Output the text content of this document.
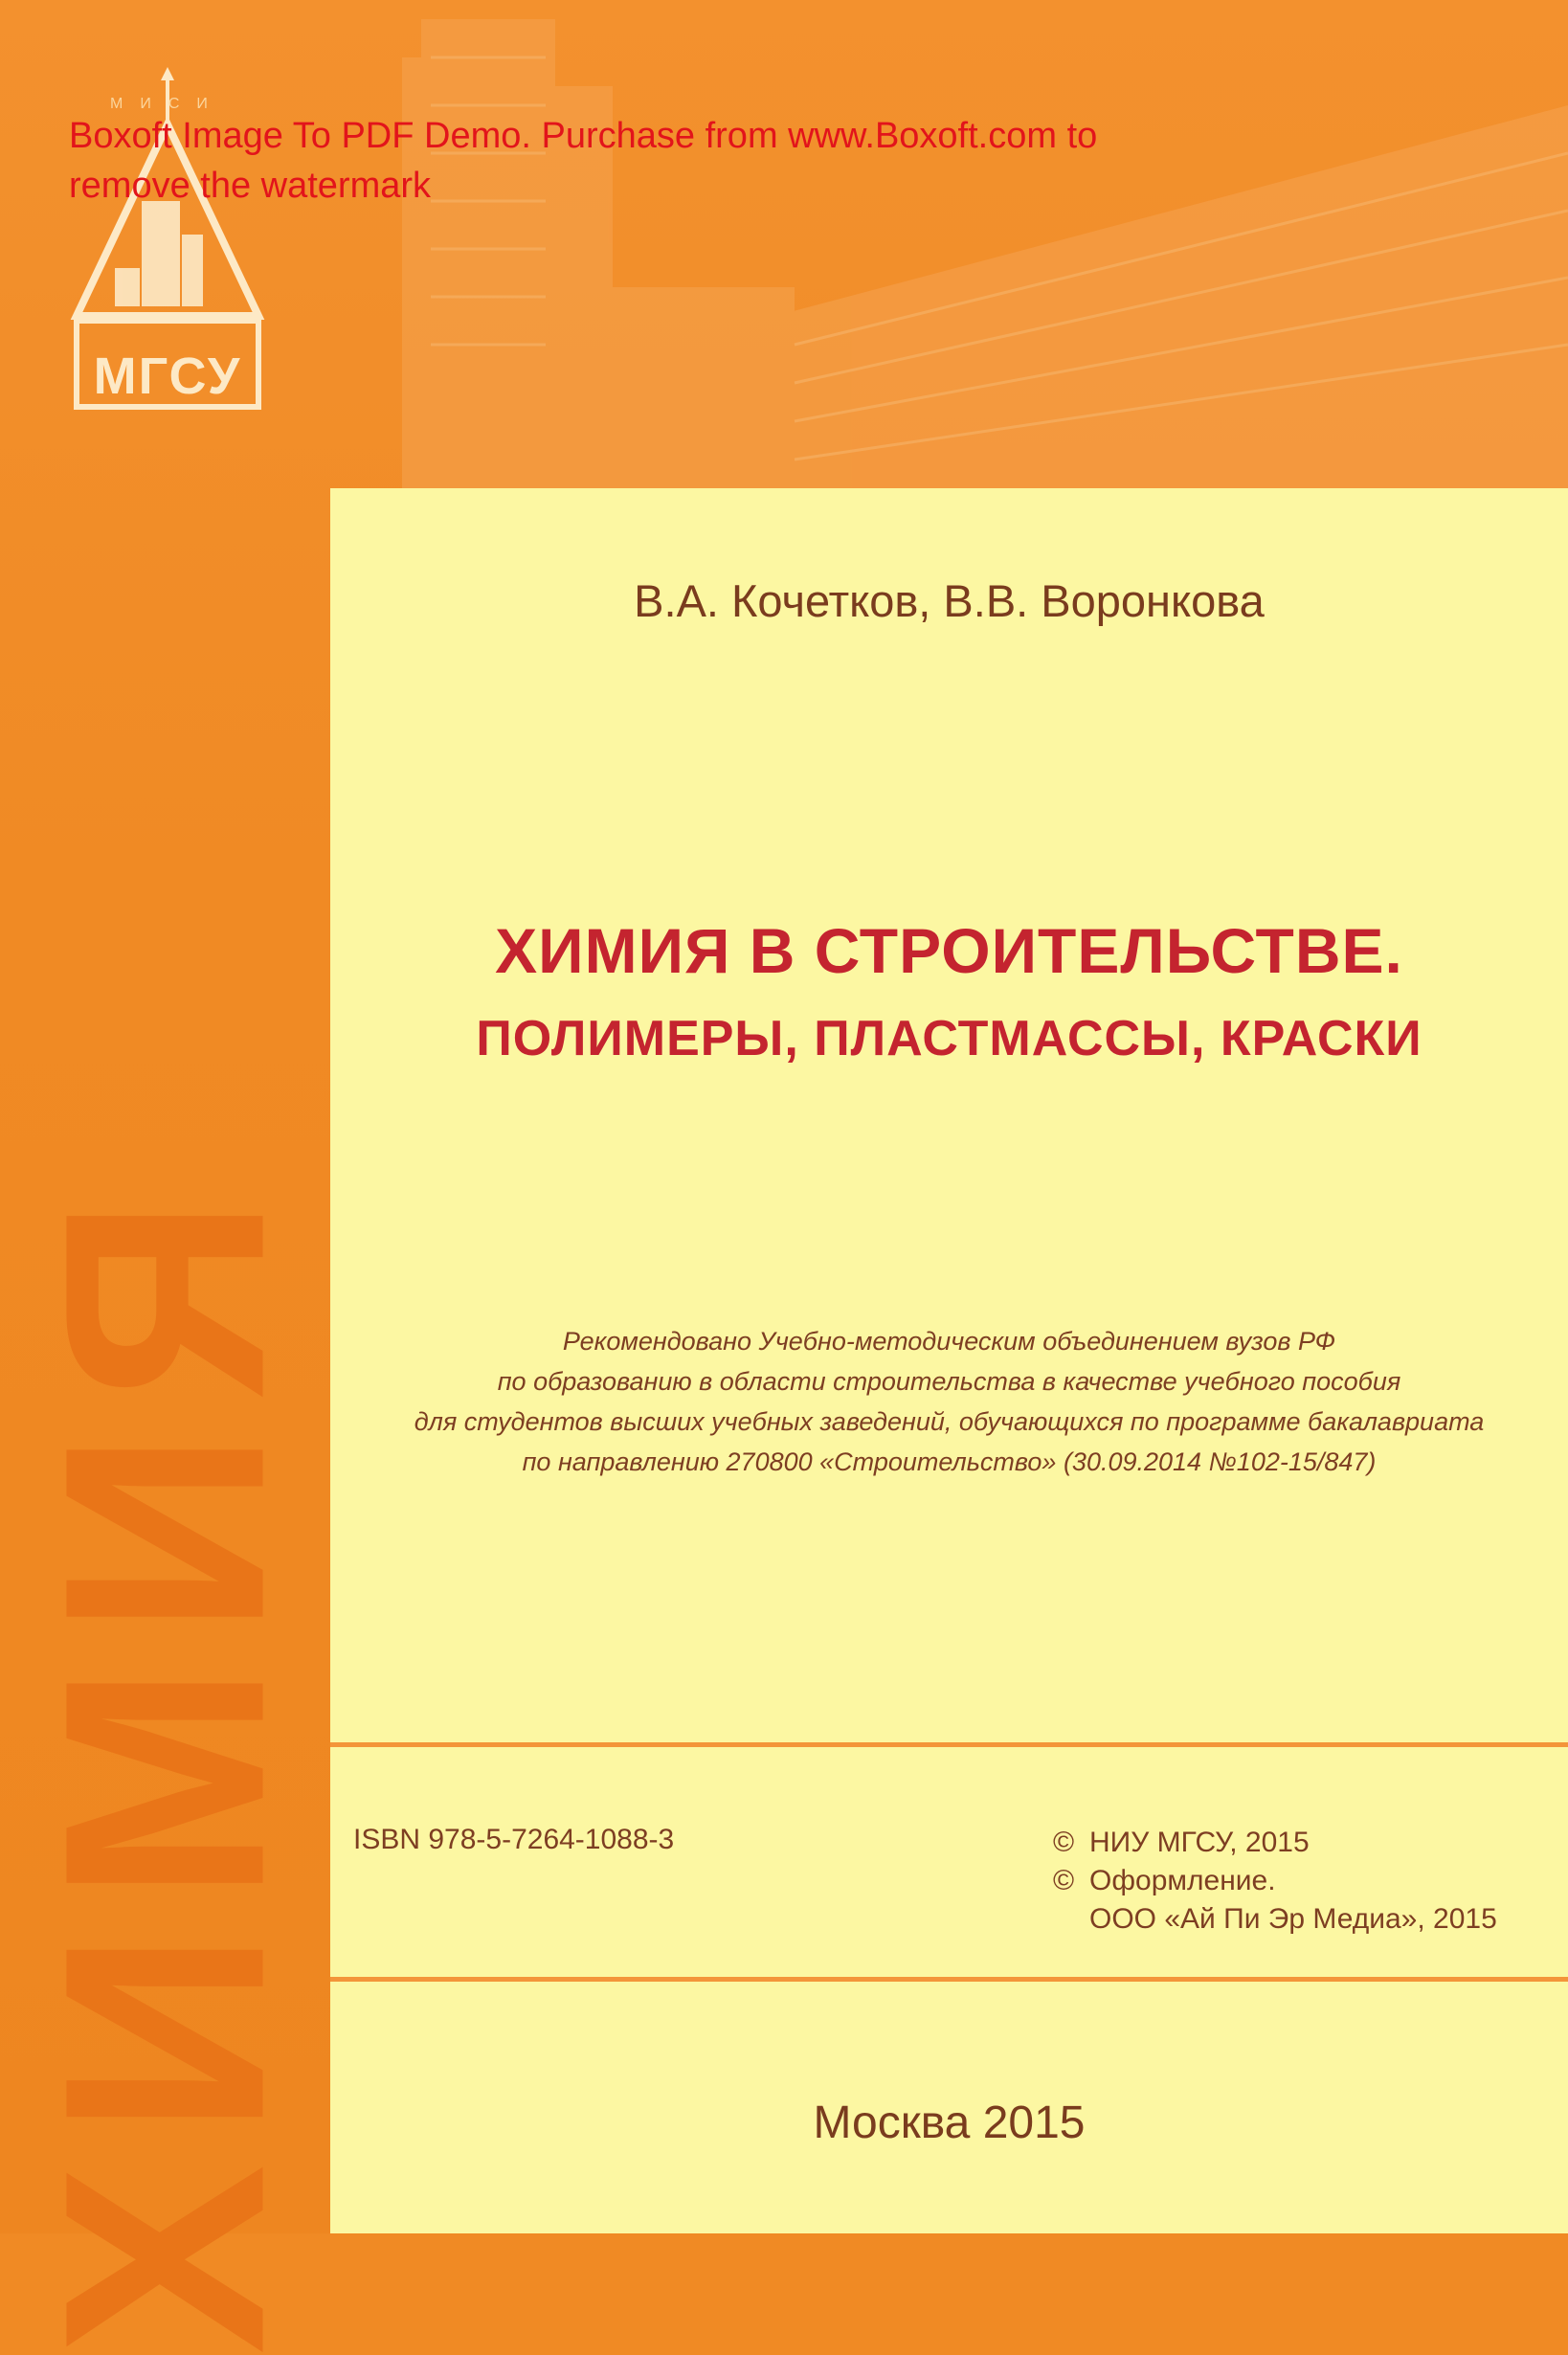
МИСИ
МГСУ
ХИМИЯ
В.А. Кочетков, В.В. Воронкова
ХИМИЯ В СТРОИТЕЛЬСТВЕ.
ПОЛИМЕРЫ, ПЛАСТМАССЫ, КРАСКИ
Рекомендовано Учебно-методическим объединением вузов РФ
по образованию в области строительства в качестве учебного пособия
для студентов высших учебных заведений, обучающихся по программе бакалавриата
по направлению 270800 «Строительство» (30.09.2014 №102-15/847)
ISBN 978-5-7264-1088-3	© НИУ МГСУ, 2015
© Оформление.
ООО «Ай Пи Эр Медиа», 2015
Москва 2015
Boxoft Image To PDF Demo. Purchase from www.Boxoft.com to
remove the watermark
